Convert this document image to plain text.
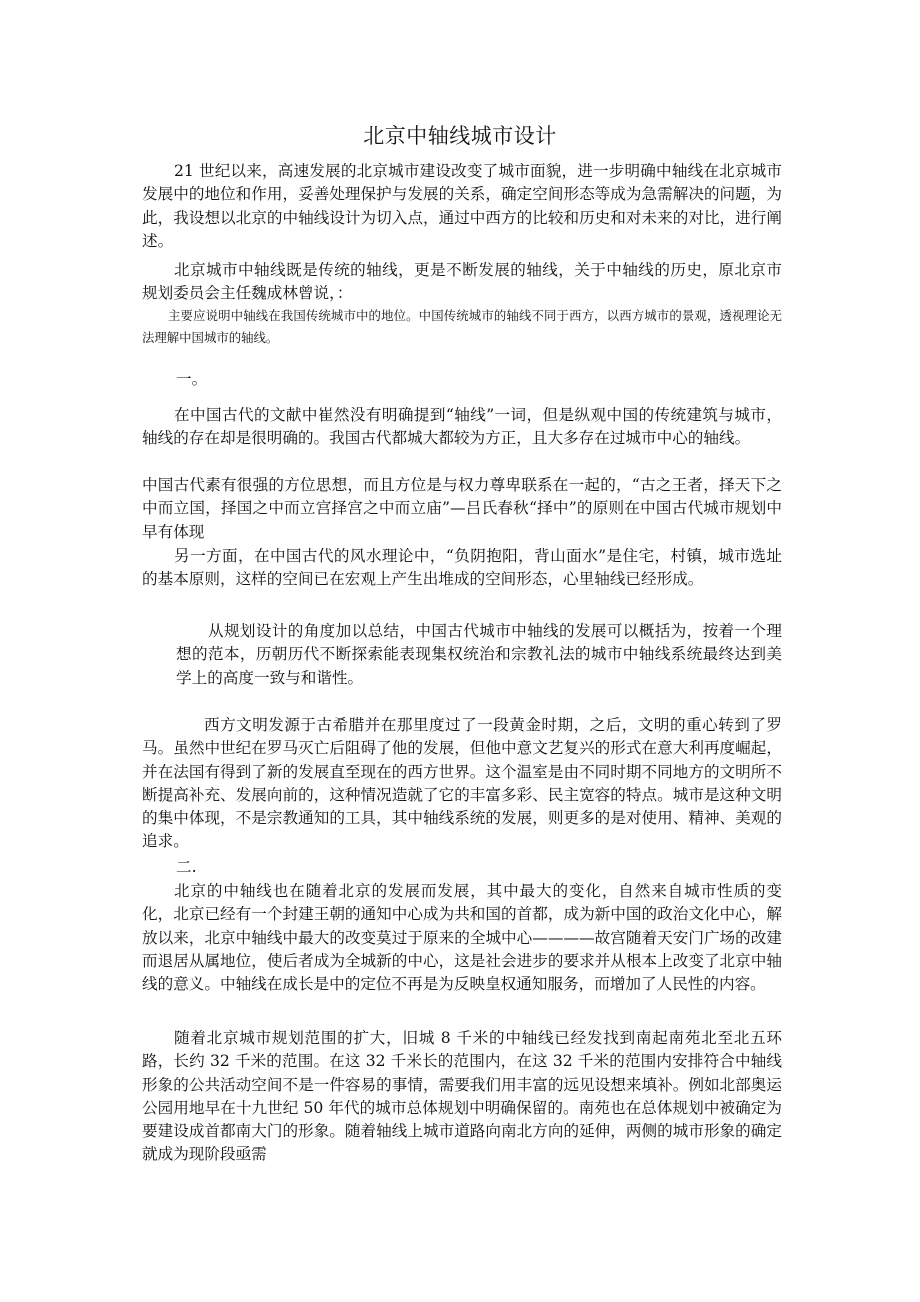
北京中轴线城市设计

21 世纪以来，高速发展的北京城市建设改变了城市面貌，进一步明确中轴线在北京城市发展中的地位和作用，妥善处理保护与发展的关系，确定空间形态等成为急需解决的问题，为此，我设想以北京的中轴线设计为切入点，通过中西方的比较和历史和对未来的对比，进行阐述。

北京城市中轴线既是传统的轴线，更是不断发展的轴线，关于中轴线的历史，原北京市规划委员会主任魏成林曾说，：

主要应说明中轴线在我国传统城市中的地位。中国传统城市的轴线不同于西方，以西方城市的景观，透视理论无法理解中国城市的轴线。

一。

在中国古代的文献中崔然没有明确提到“轴线”一词，但是纵观中国的传统建筑与城市，轴线的存在却是很明确的。我国古代都城大都较为方正，且大多存在过城市中心的轴线。

中国古代素有很强的方位思想，而且方位是与权力尊卑联系在一起的，“古之王者，择天下之中而立国，择国之中而立宫择宫之中而立庙”—吕氏春秋“择中”的原则在中国古代城市规划中早有体现

另一方面，在中国古代的风水理论中，“负阴抱阳，背山面水”是住宅，村镇，城市选址的基本原则，这样的空间已在宏观上产生出堆成的空间形态，心里轴线已经形成。

从规划设计的角度加以总结，中国古代城市中轴线的发展可以概括为，按着一个理想的范本，历朝历代不断探索能表现集权统治和宗教礼法的城市中轴线系统最终达到美学上的高度一致与和谐性。

西方文明发源于古希腊并在那里度过了一段黄金时期，之后，文明的重心转到了罗马。虽然中世纪在罗马灭亡后阻碍了他的发展，但他中意文艺复兴的形式在意大利再度崛起，并在法国有得到了新的发展直至现在的西方世界。这个温室是由不同时期不同地方的文明所不断提高补充、发展向前的，这种情况造就了它的丰富多彩、民主宽容的特点。城市是这种文明的集中体现，不是宗教通知的工具，其中轴线系统的发展，则更多的是对使用、精神、美观的追求。

二.

北京的中轴线也在随着北京的发展而发展，其中最大的变化，自然来自城市性质的变化，北京已经有一个封建王朝的通知中心成为共和国的首都，成为新中国的政治文化中心，解放以来，北京中轴线中最大的改变莫过于原来的全城中心————故宫随着天安门广场的改建而退居从属地位，使后者成为全城新的中心，这是社会进步的要求并从根本上改变了北京中轴线的意义。中轴线在成长是中的定位不再是为反映皇权通知服务，而增加了人民性的内容。

随着北京城市规划范围的扩大，旧城 8 千米的中轴线已经发找到南起南苑北至北五环路，长约 32 千米的范围。在这 32 千米长的范围内，在这 32 千米的范围内安排符合中轴线形象的公共活动空间不是一件容易的事情，需要我们用丰富的远见设想来填补。例如北部奥运公园用地早在十九世纪 50 年代的城市总体规划中明确保留的。南苑也在总体规划中被确定为要建设成首都南大门的形象。随着轴线上城市道路向南北方向的延伸，两侧的城市形象的确定就成为现阶段亟需
